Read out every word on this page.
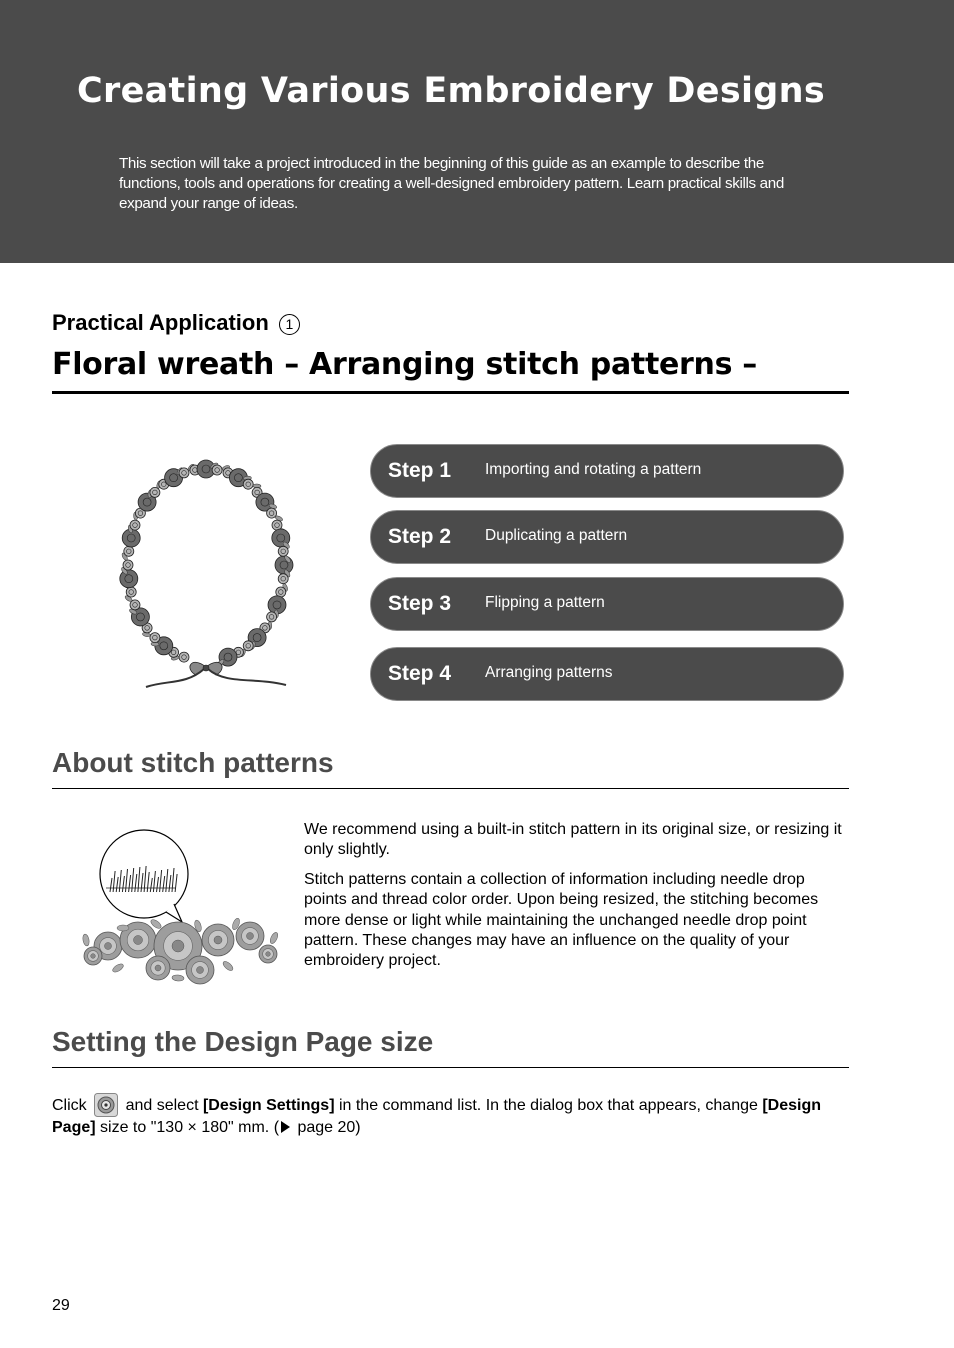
Creating Various Embroidery Designs
This section will take a project introduced in the beginning of this guide as an example to describe the functions, tools and operations for creating a well-designed embroidery pattern. Learn practical skills and expand your range of ideas.
Practical Application 1
Floral wreath – Arranging stitch patterns –
Step 1 Importing and rotating a pattern
Step 2 Duplicating a pattern
Step 3 Flipping a pattern
Step 4 Arranging patterns
About stitch patterns
We recommend using a built-in stitch pattern in its original size, or resizing it only slightly.
Stitch patterns contain a collection of information including needle drop points and thread color order. Upon being resized, the stitching becomes more dense or light while maintaining the unchanged needle drop point pattern. These changes may have an influence on the quality of your embroidery project.
Setting the Design Page size
Click  and select [Design Settings] in the command list. In the dialog box that appears, change [Design Page] size to "130 × 180" mm. ( page 20)
29
